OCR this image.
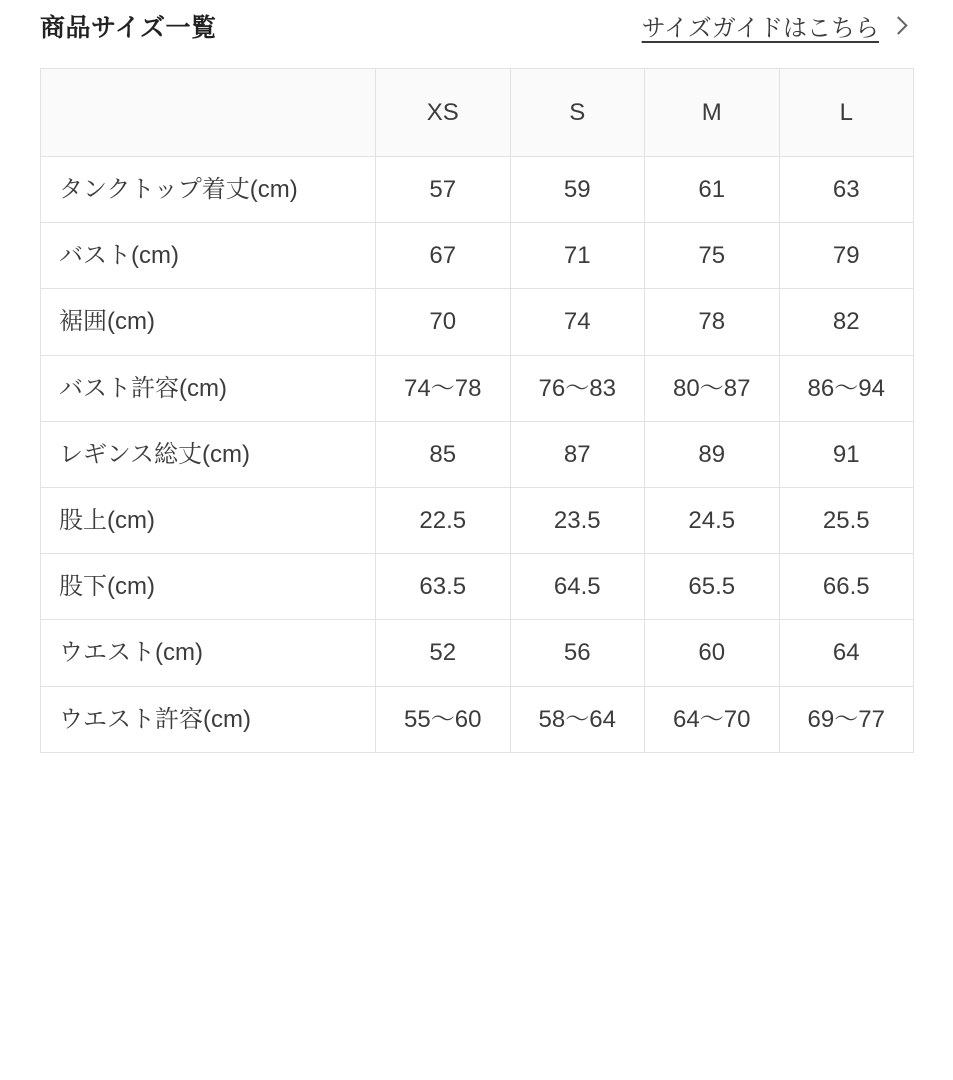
商品サイズ一覧	サイズガイドはこちら
	XS	S	M	L
タンクトップ着丈(cm)	57	59	61	63
バスト(cm)	67	71	75	79
裾囲(cm)	70	74	78	82
バスト許容(cm)	74〜78	76〜83	80〜87	86〜94
レギンス総丈(cm)	85	87	89	91
股上(cm)	22.5	23.5	24.5	25.5
股下(cm)	63.5	64.5	65.5	66.5
ウエスト(cm)	52	56	60	64
ウエスト許容(cm)	55〜60	58〜64	64〜70	69〜77
